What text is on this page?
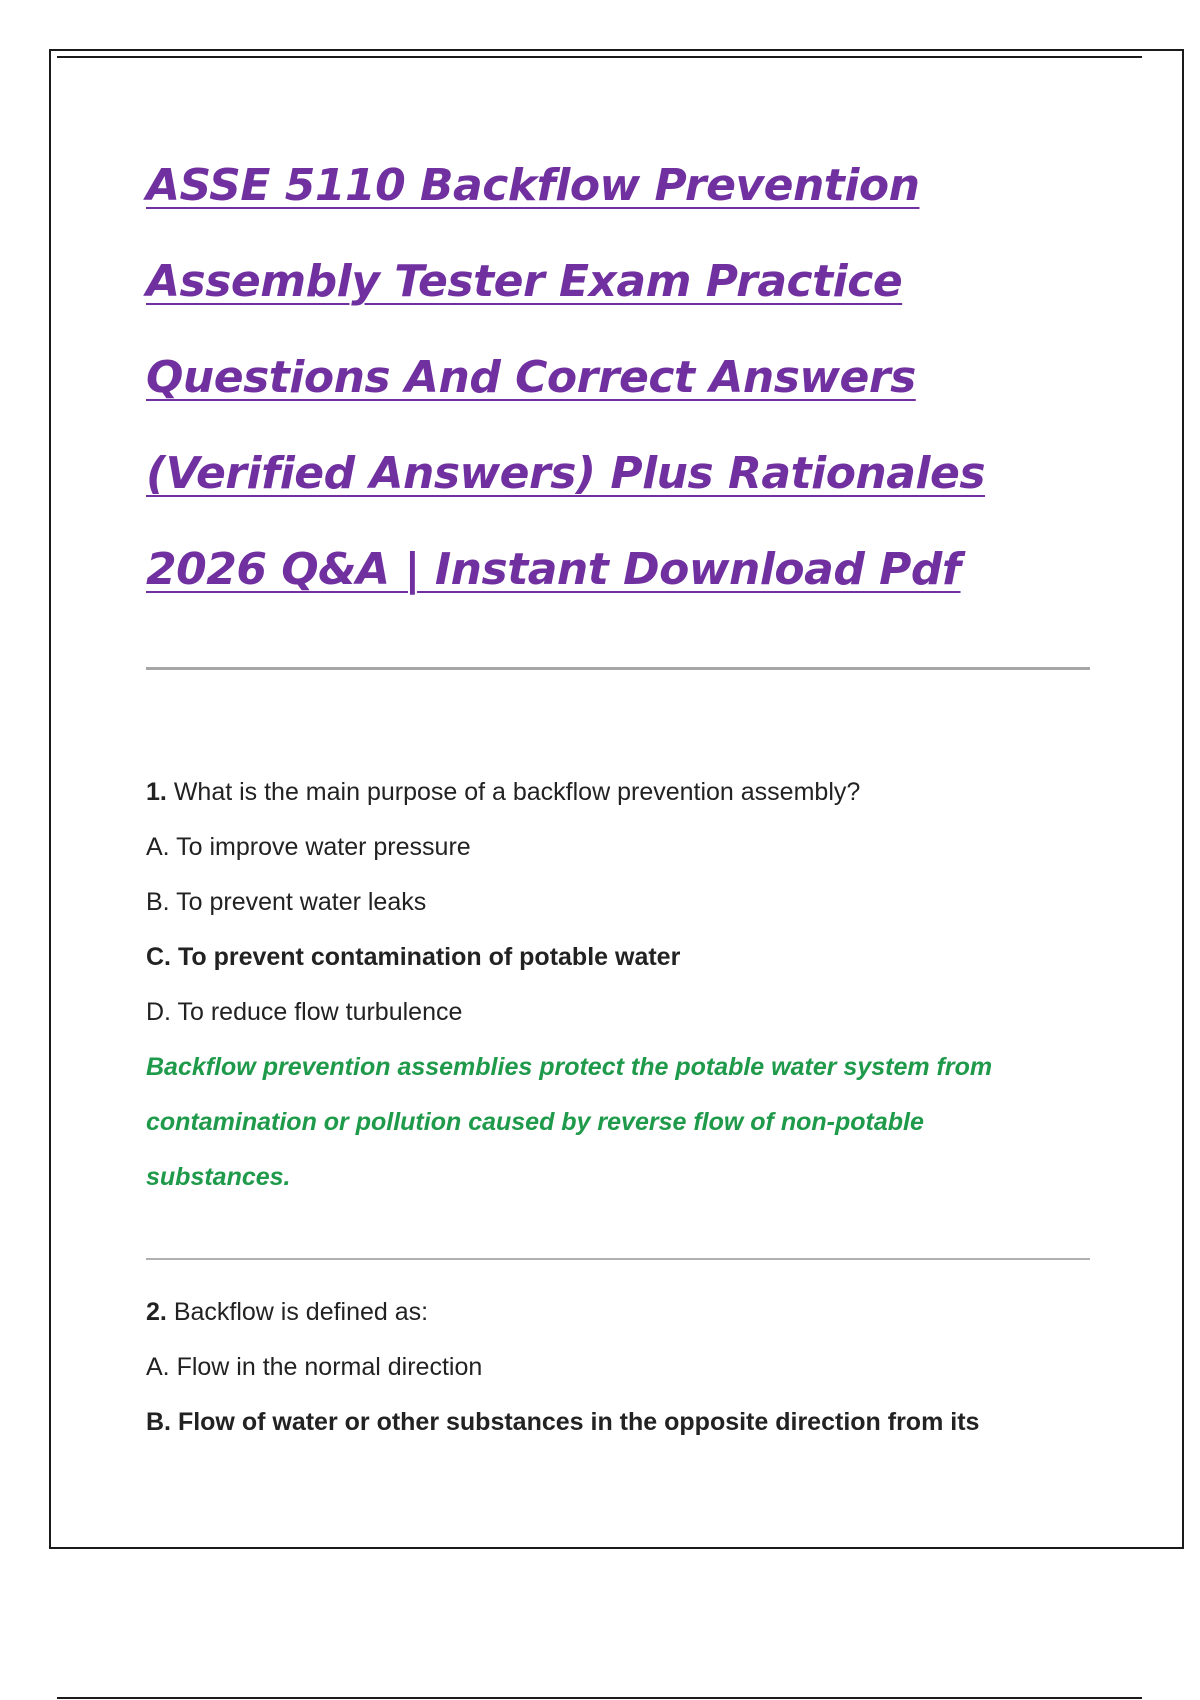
ASSE 5110 Backflow Prevention Assembly Tester Exam Practice Questions And Correct Answers (Verified Answers) Plus Rationales 2026 Q&A | Instant Download Pdf

1. What is the main purpose of a backflow prevention assembly?

A. To improve water pressure

B. To prevent water leaks

C. To prevent contamination of potable water

D. To reduce flow turbulence

Backflow prevention assemblies protect the potable water system from contamination or pollution caused by reverse flow of non-potable substances.

2. Backflow is defined as:

A. Flow in the normal direction

B. Flow of water or other substances in the opposite direction from its
